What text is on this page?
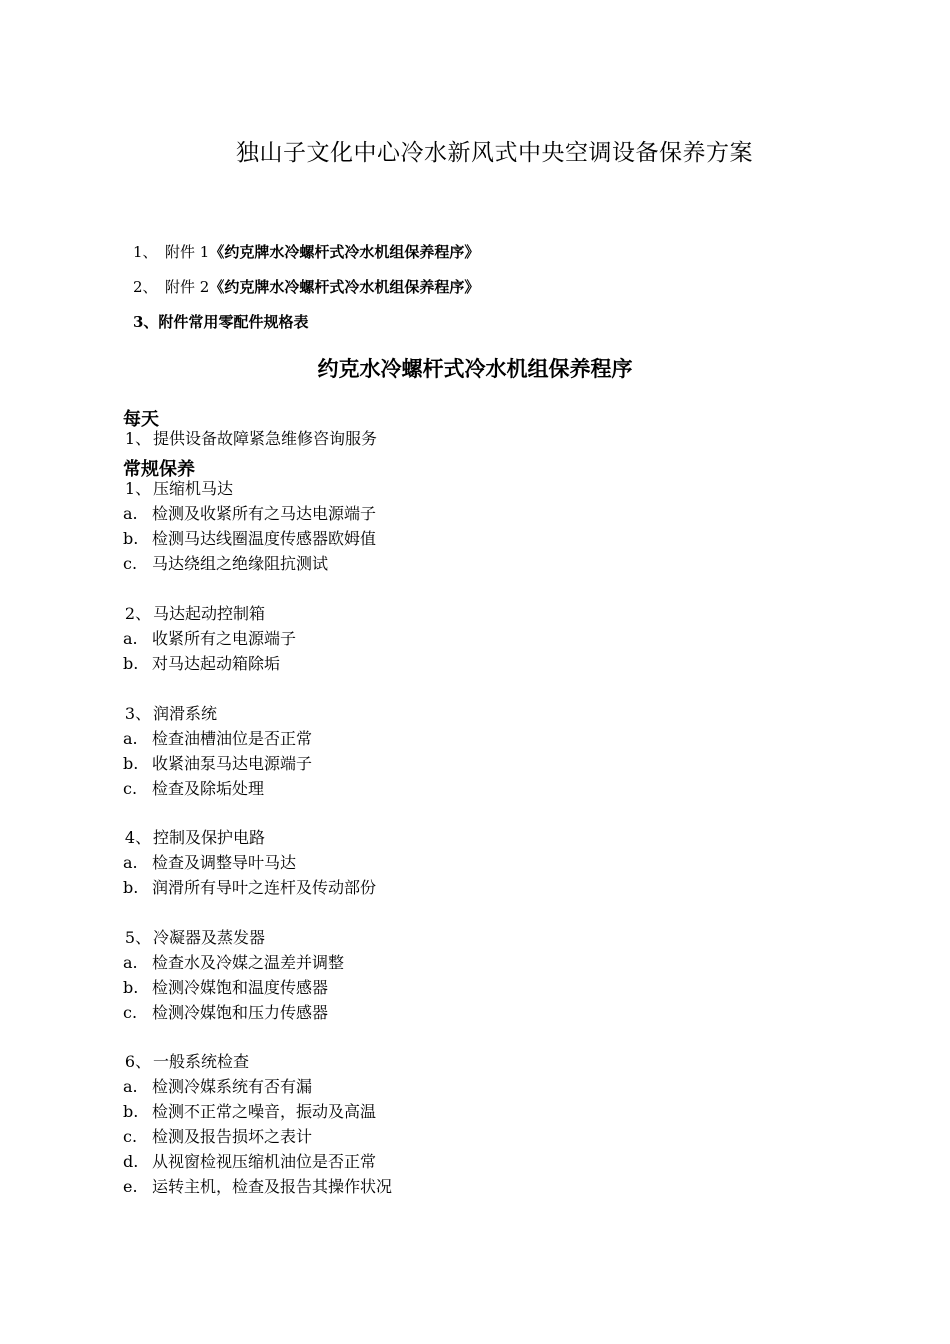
独山子文化中心冷水新风式中央空调设备保养方案
1、 附件 1《约克牌水冷螺杆式冷水机组保养程序》
2、 附件 2《约克牌水冷螺杆式冷水机组保养程序》
3、附件常用零配件规格表
约克水冷螺杆式冷水机组保养程序
每天
1、 提供设备故障紧急维修咨询服务
常规保养
1、 压缩机马达
a. 检测及收紧所有之马达电源端子
b. 检测马达线圈温度传感器欧姆值
c. 马达绕组之绝缘阻抗测试
2、 马达起动控制箱
a. 收紧所有之电源端子
b. 对马达起动箱除垢
3、 润滑系统
a. 检查油槽油位是否正常
b. 收紧油泵马达电源端子
c. 检查及除垢处理
4、 控制及保护电路
a. 检查及调整导叶马达
b. 润滑所有导叶之连杆及传动部份
5、 冷凝器及蒸发器
a. 检查水及冷媒之温差并调整
b. 检测冷媒饱和温度传感器
c. 检测冷媒饱和压力传感器
6、 一般系统检查
a. 检测冷媒系统有否有漏
b. 检测不正常之噪音，振动及高温
c. 检测及报告损坏之表计
d. 从视窗检视压缩机油位是否正常
e. 运转主机，检查及报告其操作状况
